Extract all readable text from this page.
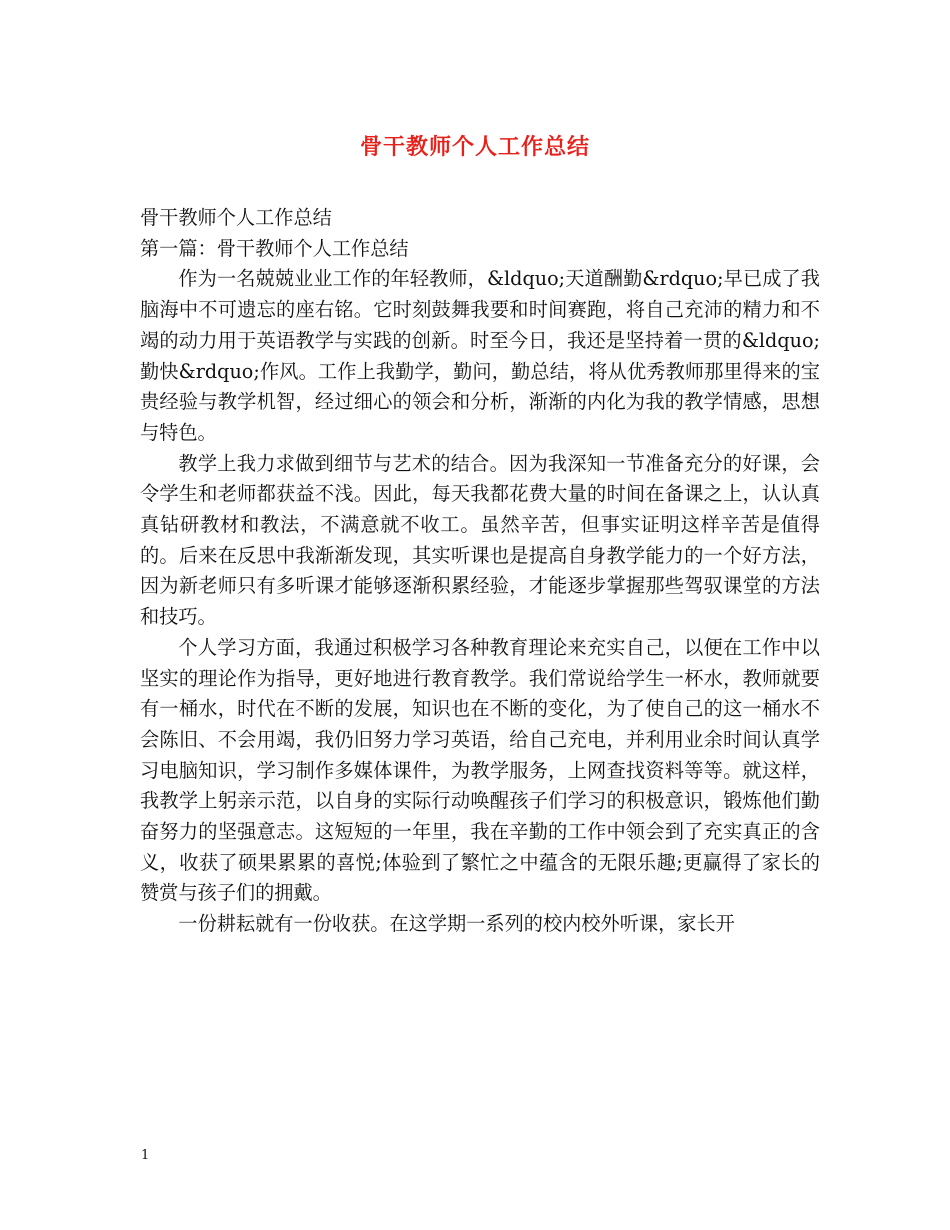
骨干教师个人工作总结
骨干教师个人工作总结
第一篇：骨干教师个人工作总结

作为一名兢兢业业工作的年轻教师，&ldquo;天道酬勤&rdquo;早已成了我脑海中不可遗忘的座右铭。它时刻鼓舞我要和时间赛跑，将自己充沛的精力和不竭的动力用于英语教学与实践的创新。时至今日，我还是坚持着一贯的&ldquo;勤快&rdquo;作风。工作上我勤学，勤问，勤总结，将从优秀教师那里得来的宝贵经验与教学机智，经过细心的领会和分析，渐渐的内化为我的教学情感，思想与特色。

教学上我力求做到细节与艺术的结合。因为我深知一节准备充分的好课，会令学生和老师都获益不浅。因此，每天我都花费大量的时间在备课之上，认认真真钻研教材和教法，不满意就不收工。虽然辛苦，但事实证明这样辛苦是值得的。后来在反思中我渐渐发现，其实听课也是提高自身教学能力的一个好方法，因为新老师只有多听课才能够逐渐积累经验，才能逐步掌握那些驾驭课堂的方法和技巧。

个人学习方面，我通过积极学习各种教育理论来充实自己，以便在工作中以坚实的理论作为指导，更好地进行教育教学。我们常说给学生一杯水，教师就要有一桶水，时代在不断的发展，知识也在不断的变化，为了使自己的这一桶水不会陈旧、不会用竭，我仍旧努力学习英语，给自己充电，并利用业余时间认真学习电脑知识，学习制作多媒体课件，为教学服务，上网查找资料等等。就这样，我教学上躬亲示范，以自身的实际行动唤醒孩子们学习的积极意识，锻炼他们勤奋努力的坚强意志。这短短的一年里，我在辛勤的工作中领会到了充实真正的含义，收获了硕果累累的喜悦;体验到了繁忙之中蕴含的无限乐趣;更赢得了家长的赞赏与孩子们的拥戴。

一份耕耘就有一份收获。在这学期一系列的校内校外听课，家长开

1
